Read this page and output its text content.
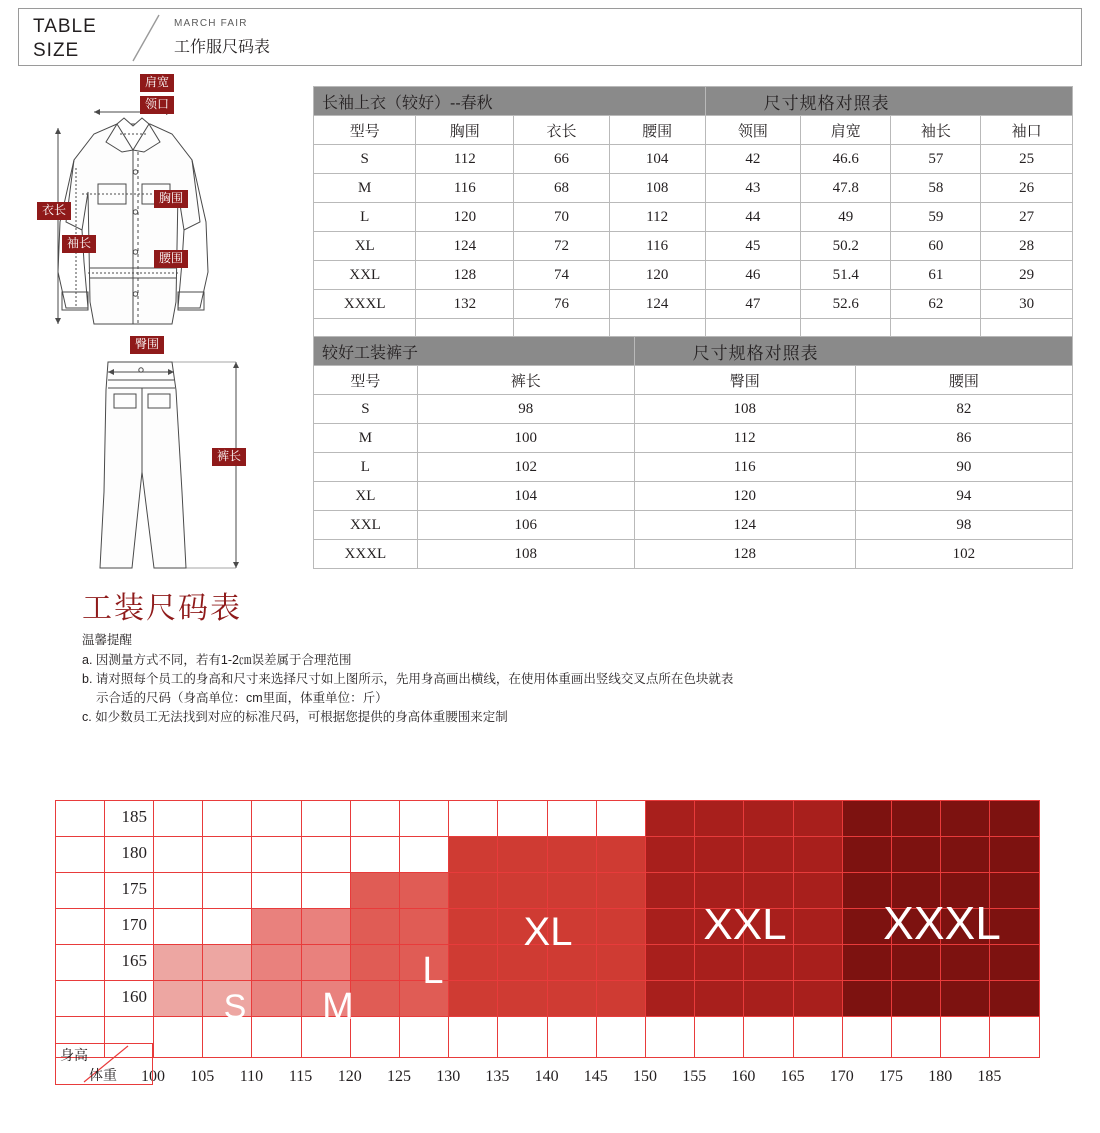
TABLE
SIZE
MARCH FAIR
工作服尺码表
肩宽
领口
胸围
腰围
衣长
袖长
臀围
裤长
长袖上衣（较好）--春秋				尺寸规格对照表			
型号	胸围	衣长	腰围	领围	肩宽	袖长	袖口
S	112	66	104	42	46.6	57	25
M	116	68	108	43	47.8	58	26
L	120	70	112	44	49	59	27
XL	124	72	116	45	50.2	60	28
XXL	128	74	120	46	51.4	61	29
XXXL	132	76	124	47	52.6	62	30

较好工装裤子		尺寸规格对照表	
型号	裤长	臀围	腰围
S	98	108	82
M	100	112	86
L	102	116	90
XL	104	120	94
XXL	106	124	98
XXXL	108	128	102
工装尺码表
温馨提醒
a. 因测量方式不同，若有1-2㎝误差属于合理范围
b. 请对照每个员工的身高和尺寸来选择尺寸如上图所示，先用身高画出横线，在使用体重画出竖线交叉点所在色块就表
示合适的尺码（身高单位：cm里面，体重单位：斤）
c. 如少数员工无法找到对应的标准尺码，可根据您提供的身高体重腰围来定制
S	M
L
XL	XXL	XXXL
185
180
175
170
165
160
100	105	110	115	120	125	130	135	140	145	150	155	160	165	170	175	180	185
身高
体重
